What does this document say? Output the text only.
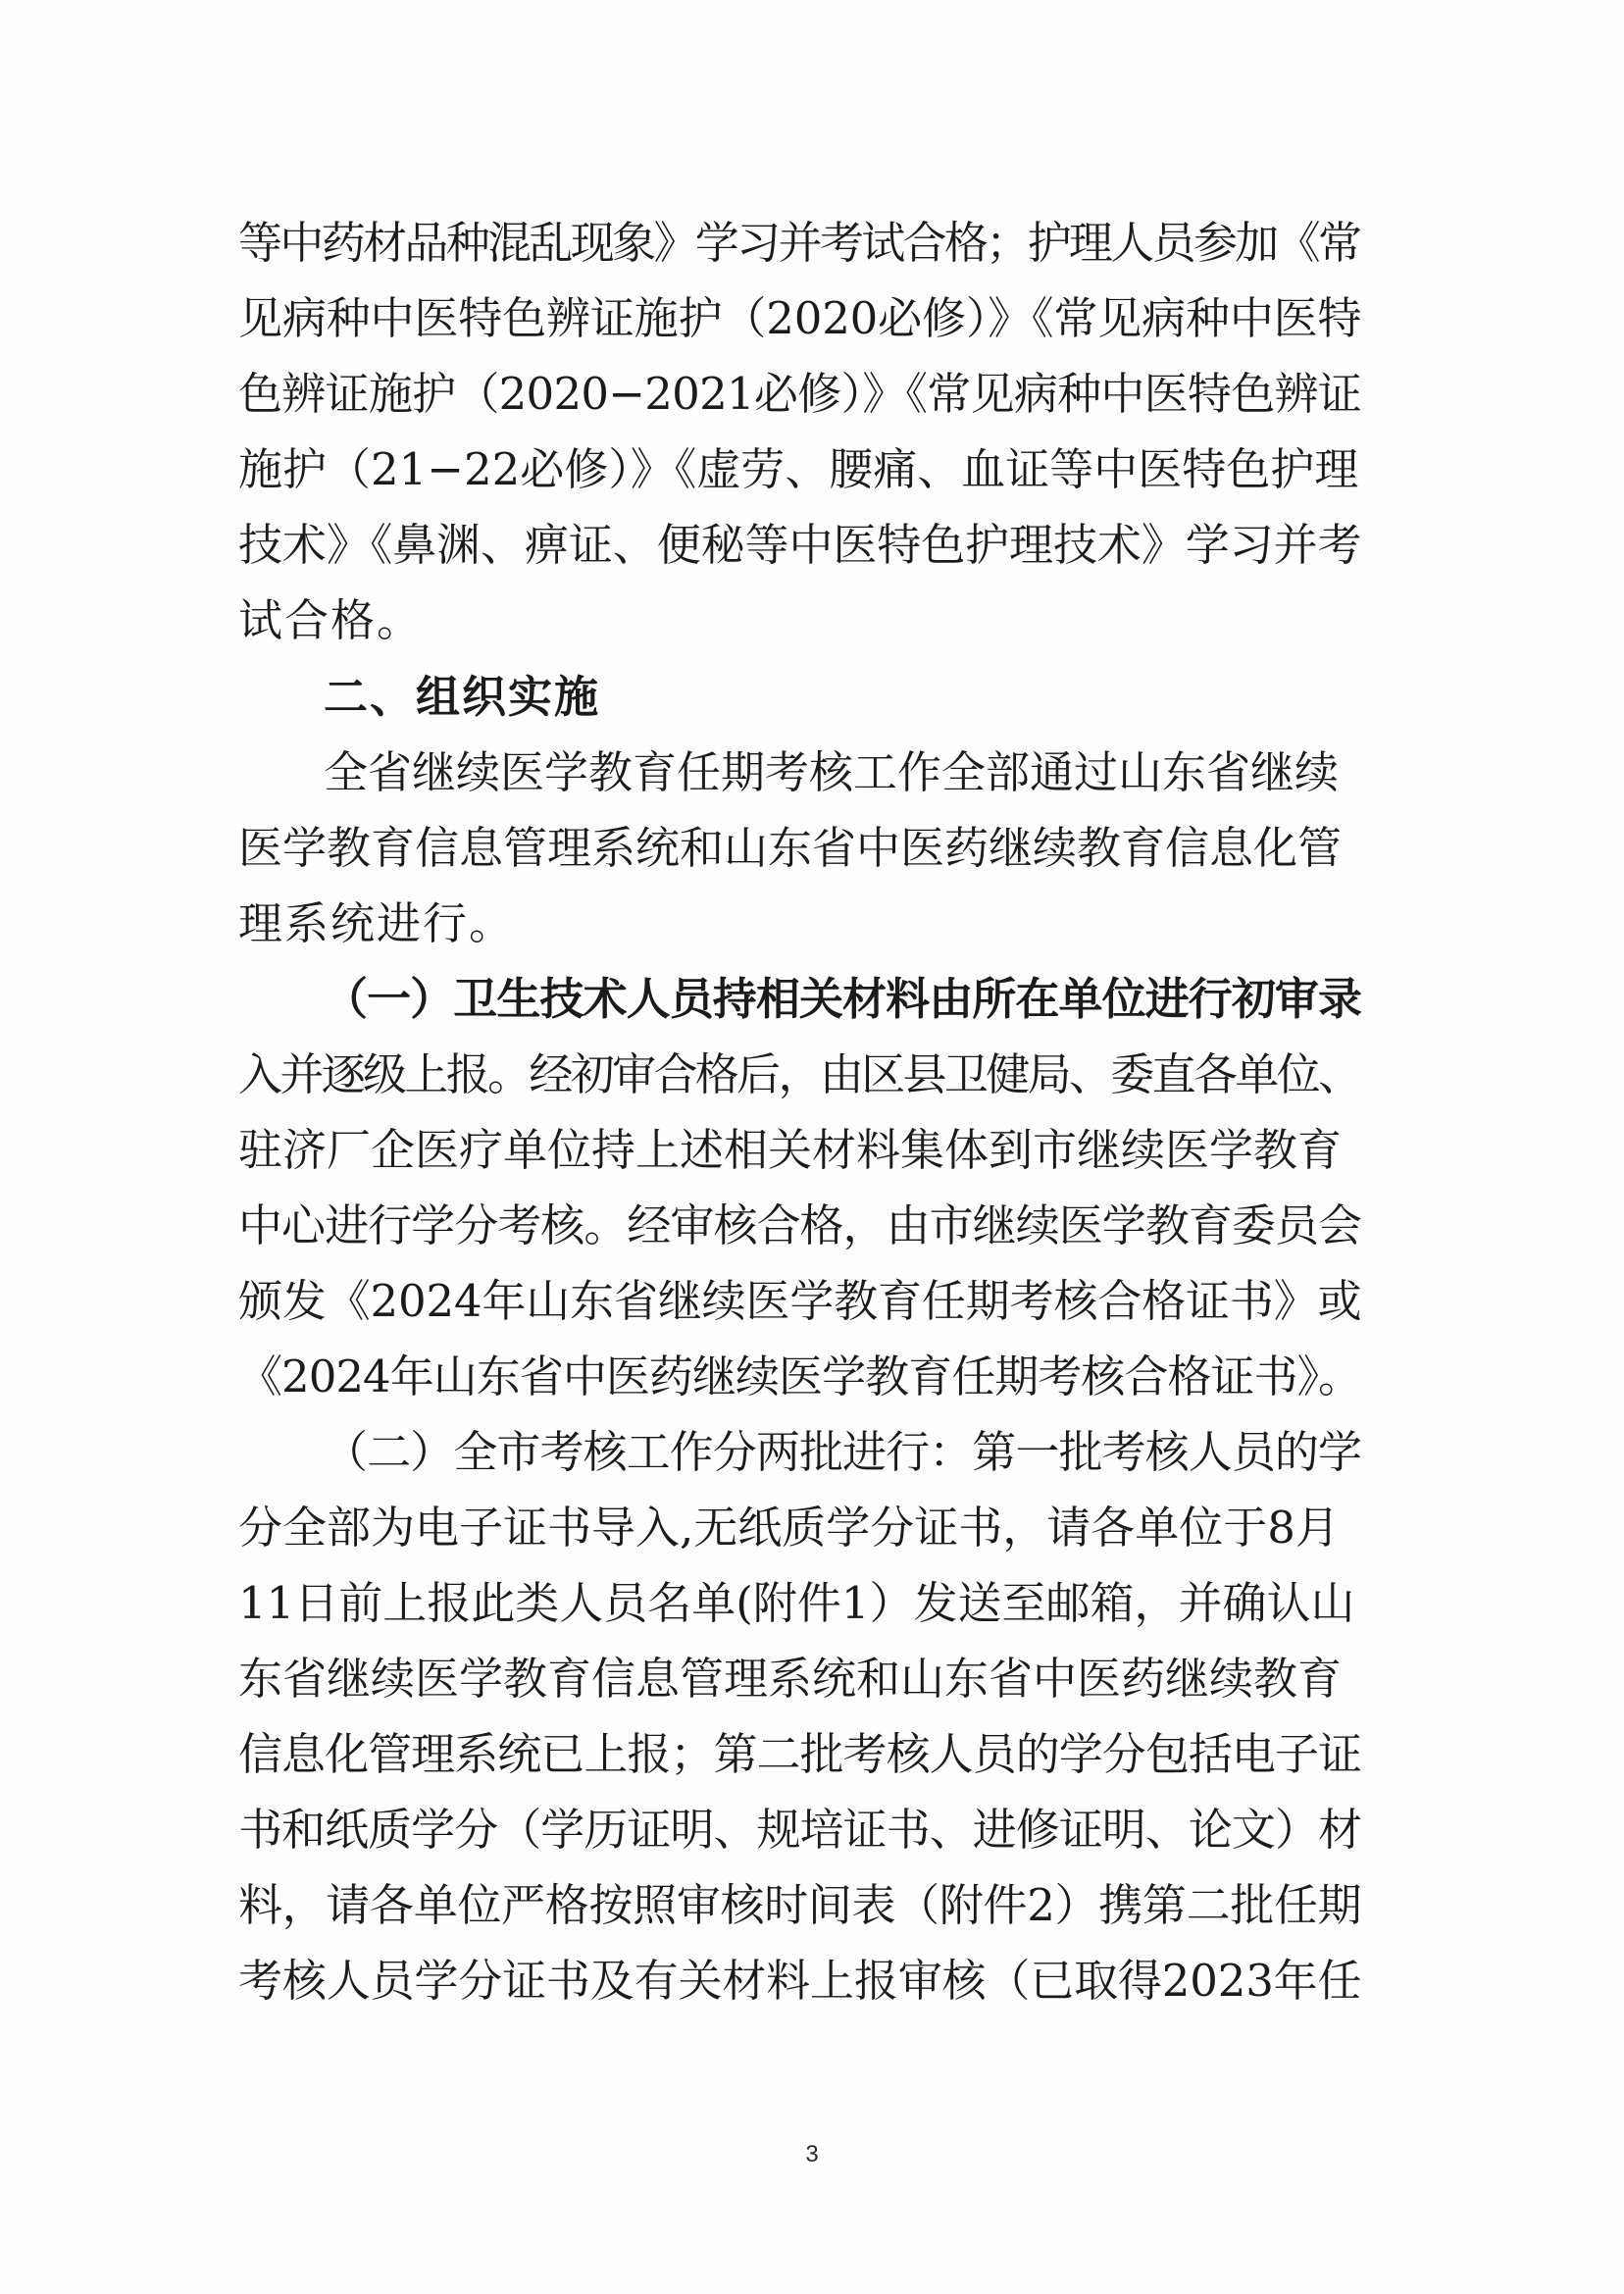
等中药材品种混乱现象》学习并考试合格；护理人员参加《常

见病种中医特色辨证施护（2020必修）》《常见病种中医特

色辨证施护（2020−2021必修）》《常见病种中医特色辨证

施护（21−22必修）》《虚劳、腰痛、血证等中医特色护理

技术》《鼻渊、痹证、便秘等中医特色护理技术》学习并考

试合格。

二、组织实施

全省继续医学教育任期考核工作全部通过山东省继续

医学教育信息管理系统和山东省中医药继续教育信息化管

理系统进行。

（一）卫生技术人员持相关材料由所在单位进行初审录

入并逐级上报。经初审合格后，由区县卫健局、委直各单位、

驻济厂企医疗单位持上述相关材料集体到市继续医学教育

中心进行学分考核。经审核合格，由市继续医学教育委员会

颁发《2024年山东省继续医学教育任期考核合格证书》或

《2024年山东省中医药继续医学教育任期考核合格证书》。

（二）全市考核工作分两批进行：第一批考核人员的学

分全部为电子证书导入,无纸质学分证书，请各单位于8月

11日前上报此类人员名单(附件1）发送至邮箱，并确认山

东省继续医学教育信息管理系统和山东省中医药继续教育

信息化管理系统已上报；第二批考核人员的学分包括电子证

书和纸质学分（学历证明、规培证书、进修证明、论文）材

料，请各单位严格按照审核时间表（附件2）携第二批任期

考核人员学分证书及有关材料上报审核（已取得2023年任

3
